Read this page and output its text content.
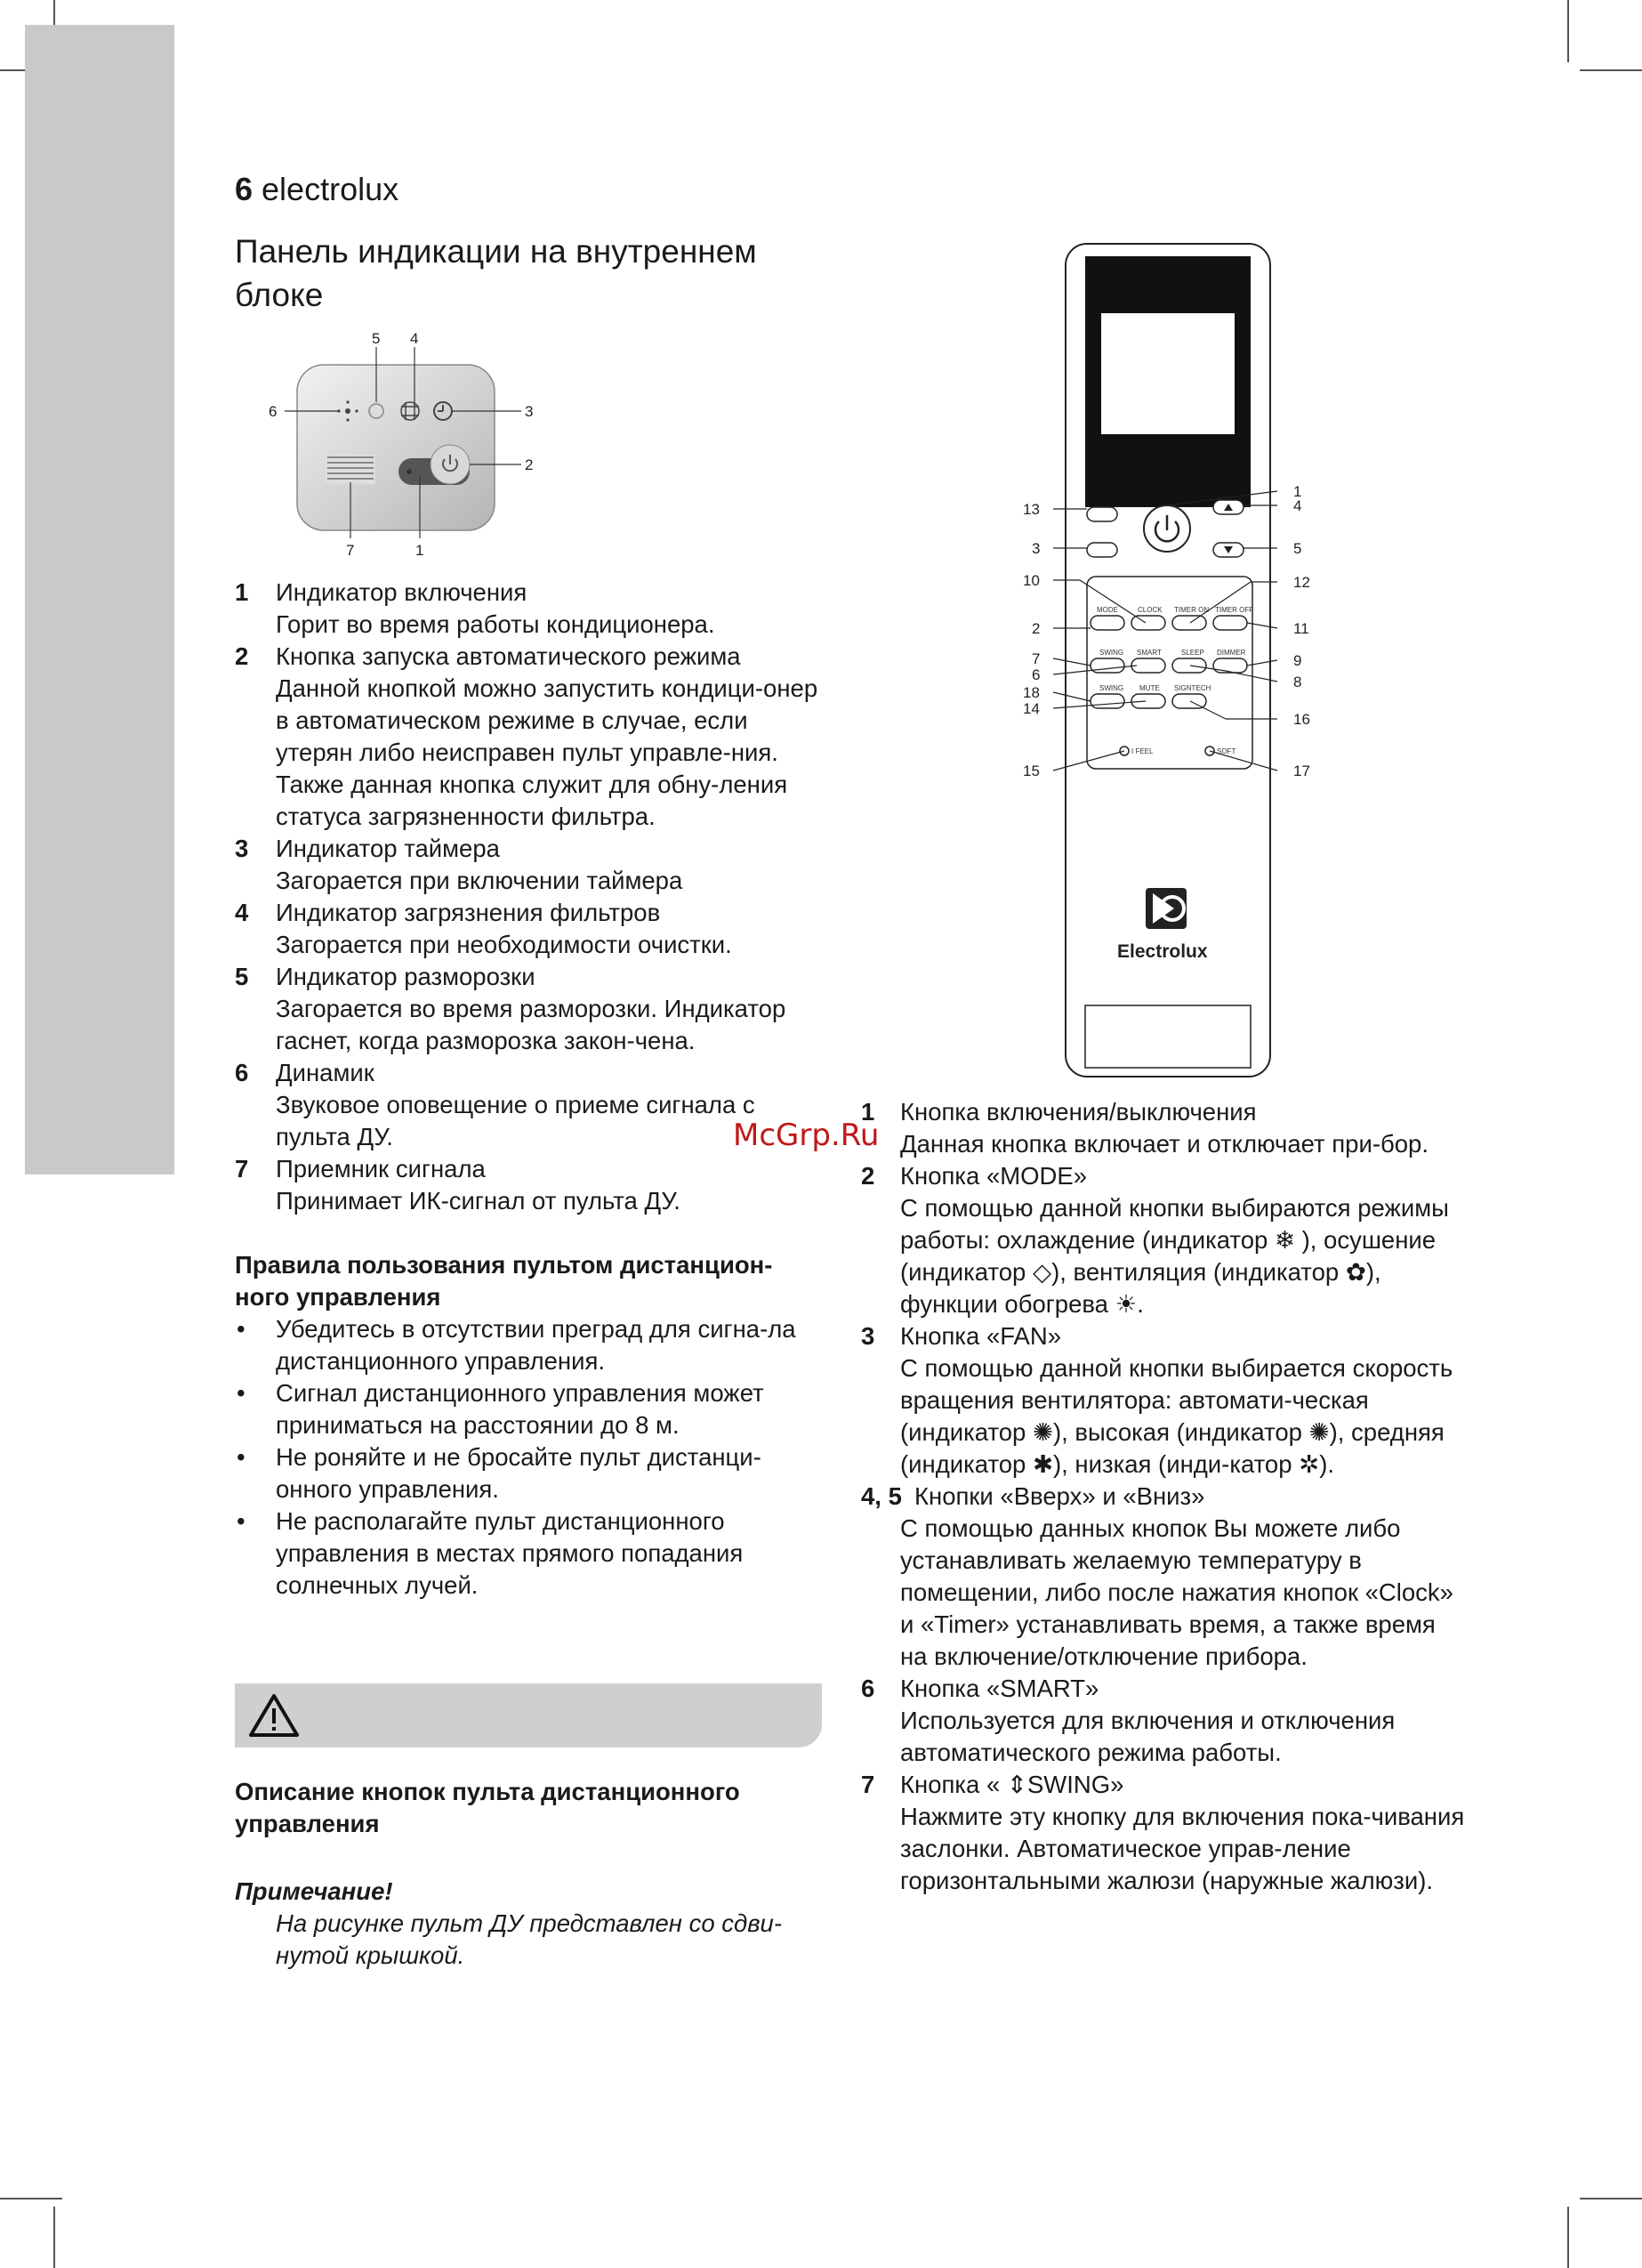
6 electrolux
Панель индикации на внутреннем блоке
5 4
6	3
2
7	1
1 Индикатор включения
Горит во время работы кондиционера.
2 Кнопка запуска автоматического режима
Данной кнопкой можно запустить кондици-онер в автоматическом режиме в случае, если утерян либо неисправен пульт управле-ния. Также данная кнопка служит для обну-ления статуса загрязненности фильтра.
3 Индикатор таймера
Загорается при включении таймера
4 Индикатор загрязнения фильтров
Загорается при необходимости очистки.
5 Индикатор разморозки
Загорается во время разморозки. Индикатор гаснет, когда разморозка закон-чена.
6 Динамик
Звуковое оповещение о приеме сигнала с пульта ДУ.
7 Приемник сигнала
Принимает ИК-сигнал от пульта ДУ.
Правила пользования пультом дистанцион-ного управления
• Убедитесь в отсутствии преград для сигна-ла дистанционного управления.
• Сигнал дистанционного управления может приниматься на расстоянии до 8 м.
• Не роняйте и не бросайте пульт дистанци-онного управления.
• Не располагайте пульт дистанционного управления в местах прямого попадания солнечных лучей.
Описание кнопок пульта дистанционного управления
Примечание!
На рисунке пульт ДУ представлен со сдви-нутой крышкой.
MODE	CLOCK TIMER ON TIMER OFF
SWING SMART	SLEEP DIMMER
SWING MUTE SIGNTECH
I FEEL	SOFT
Electrolux
13
3
10
2
7
6
18
14
15
1
4
5
12
11
9
8
16
17
1 Кнопка включения/выключения
Данная кнопка включает и отключает при-бор.
2 Кнопка «MODE»
С помощью данной кнопки выбираются режимы работы: охлаждение (индикатор ❄ ), осушение (индикатор ◇), вентиляция (индикатор ✿), функции обогрева ☀.
3 Кнопка «FAN»
С помощью данной кнопки выбирается скорость вращения вентилятора: автомати-ческая (индикатор ✺), высокая (индикатор ✺), средняя (индикатор ✱), низкая (инди-катор ✲).
4, 5 Кнопки «Вверх» и «Вниз»
С помощью данных кнопок Вы можете либо устанавливать желаемую температуру в помещении, либо после нажатия кнопок «Clock» и «Timer» устанавливать время, а также время на включение/отключение прибора.
6 Кнопка «SMART»
Используется для включения и отключения автоматического режима работы.
7 Кнопка « ⇕SWING»
Нажмите эту кнопку для включения пока-чивания заслонки. Автоматическое управ-ление горизонтальными жалюзи (наружные жалюзи).
McGrp.Ru
